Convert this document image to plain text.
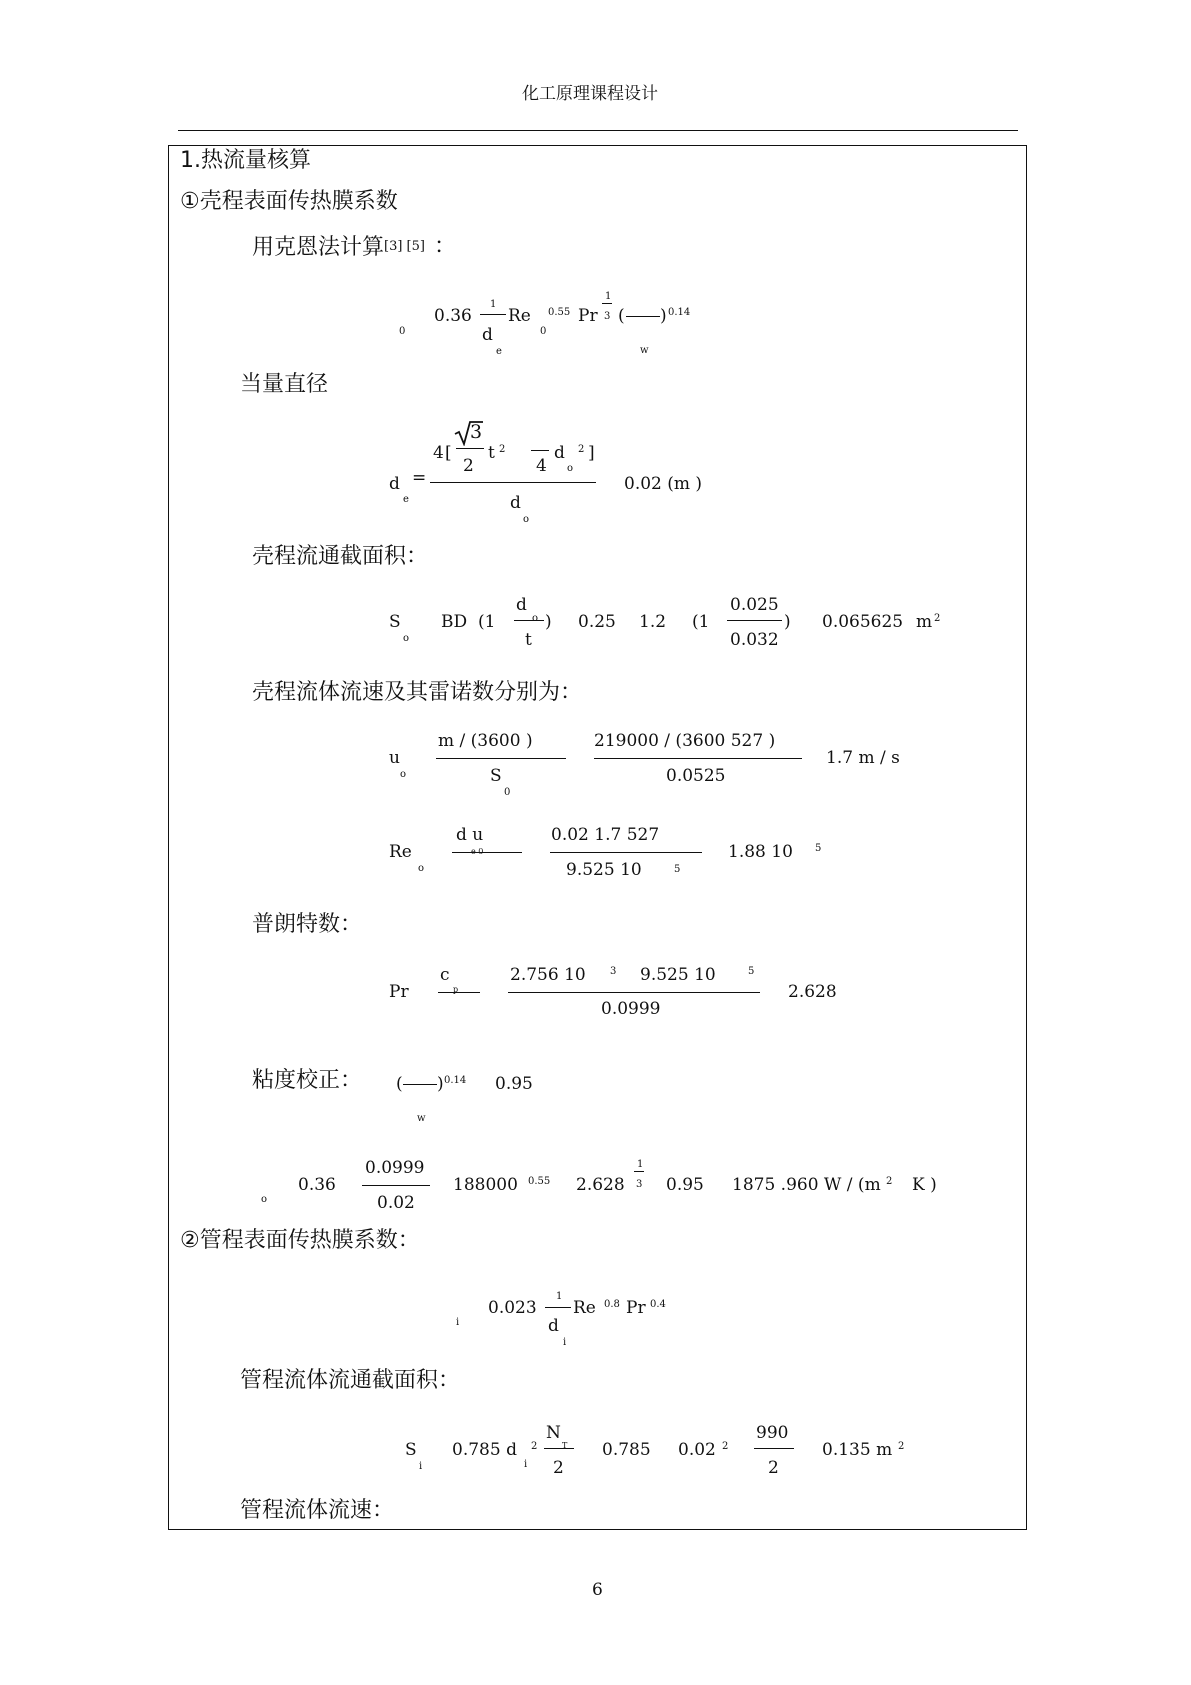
化工原理课程设计
1.热流量核算
①壳程表面传热膜系数
用克恩法计算 [3] [5] ：
0
0.36
1
d
e
Re 0.55
0
Pr
1
3 ( ) 0.14
w
当量直径
d
e
=
4 [
3
2
t 2
4
d 2
o
]
d
o
0.02 (m )
壳程流通截面积：
S
o
BD (1
d
o
t
) 0.25 1.2 (1
0.025
0.032
) 0.065625 m 2
壳程流体流速及其雷诺数分别为：
u
o
m / (3600 )
S
0
219000 / (3600 527 )
0.0525
1.7 m / s
Re
o
d u
e 0
0.02 1.7 527
9.525 10	5
1.88 10 5
普朗特数：
Pr
c
p
2.756 10 3 9.525 10	5
0.0999
2.628
粘度校正： ( ) 0.14
w
0.95
o
0.36
0.0999
0.02
188000 0.55 2.628
1
3 0.95 1875 .960 W / (m 2 K )
②管程表面传热膜系数：
i
0.023
1
d
i
Re 0.8 Pr 0.4
管程流体流通截面积：
S
i
0.785 d 2
i
N
T
2
0.785 0.02 2
990
2
0.135 m 2
管程流体流速：
6
